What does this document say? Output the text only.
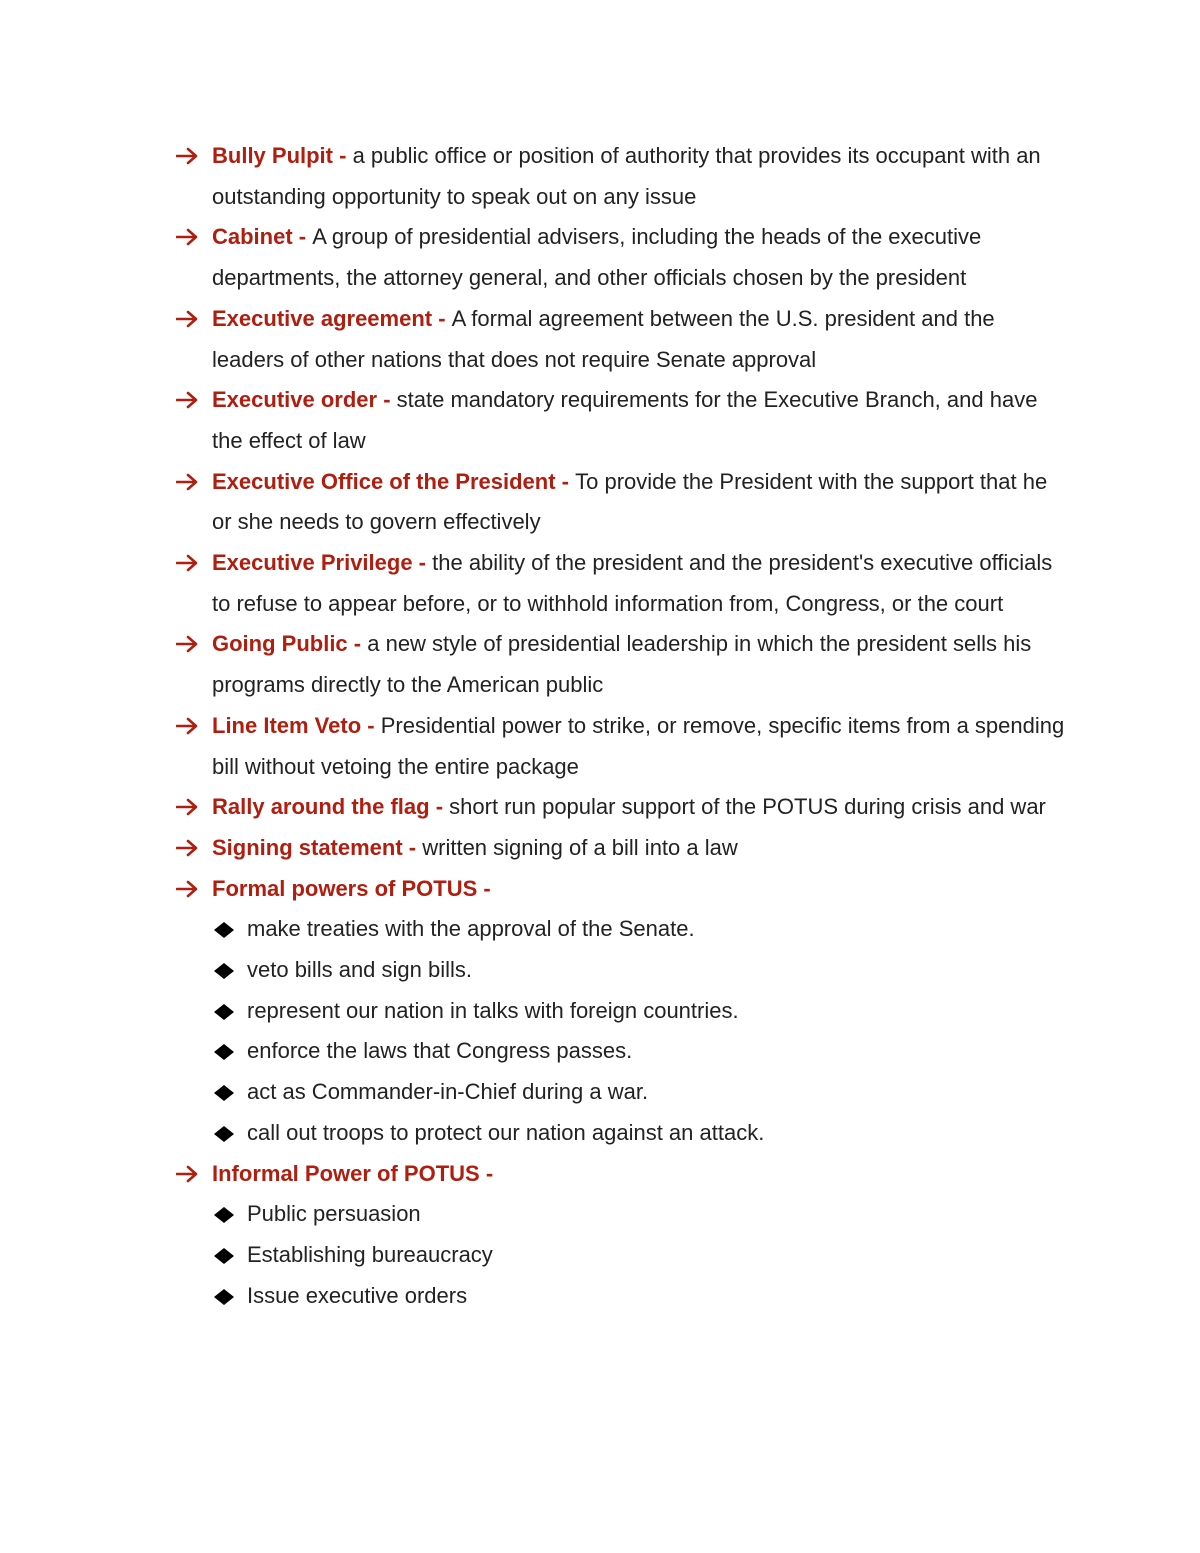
Bully Pulpit - a public office or position of authority that provides its occupant with an outstanding opportunity to speak out on any issue
Cabinet - A group of presidential advisers, including the heads of the executive departments, the attorney general, and other officials chosen by the president
Executive agreement - A formal agreement between the U.S. president and the leaders of other nations that does not require Senate approval
Executive order - state mandatory requirements for the Executive Branch, and have the effect of law
Executive Office of the President - To provide the President with the support that he or she needs to govern effectively
Executive Privilege - the ability of the president and the president's executive officials to refuse to appear before, or to withhold information from, Congress, or the court
Going Public - a new style of presidential leadership in which the president sells his programs directly to the American public
Line Item Veto - Presidential power to strike, or remove, specific items from a spending bill without vetoing the entire package
Rally around the flag - short run popular support of the POTUS during crisis and war
Signing statement - written signing of a bill into a law
Formal powers of POTUS -
make treaties with the approval of the Senate.
veto bills and sign bills.
represent our nation in talks with foreign countries.
enforce the laws that Congress passes.
act as Commander-in-Chief during a war.
call out troops to protect our nation against an attack.
Informal Power of POTUS -
Public persuasion
Establishing bureaucracy
Issue executive orders
